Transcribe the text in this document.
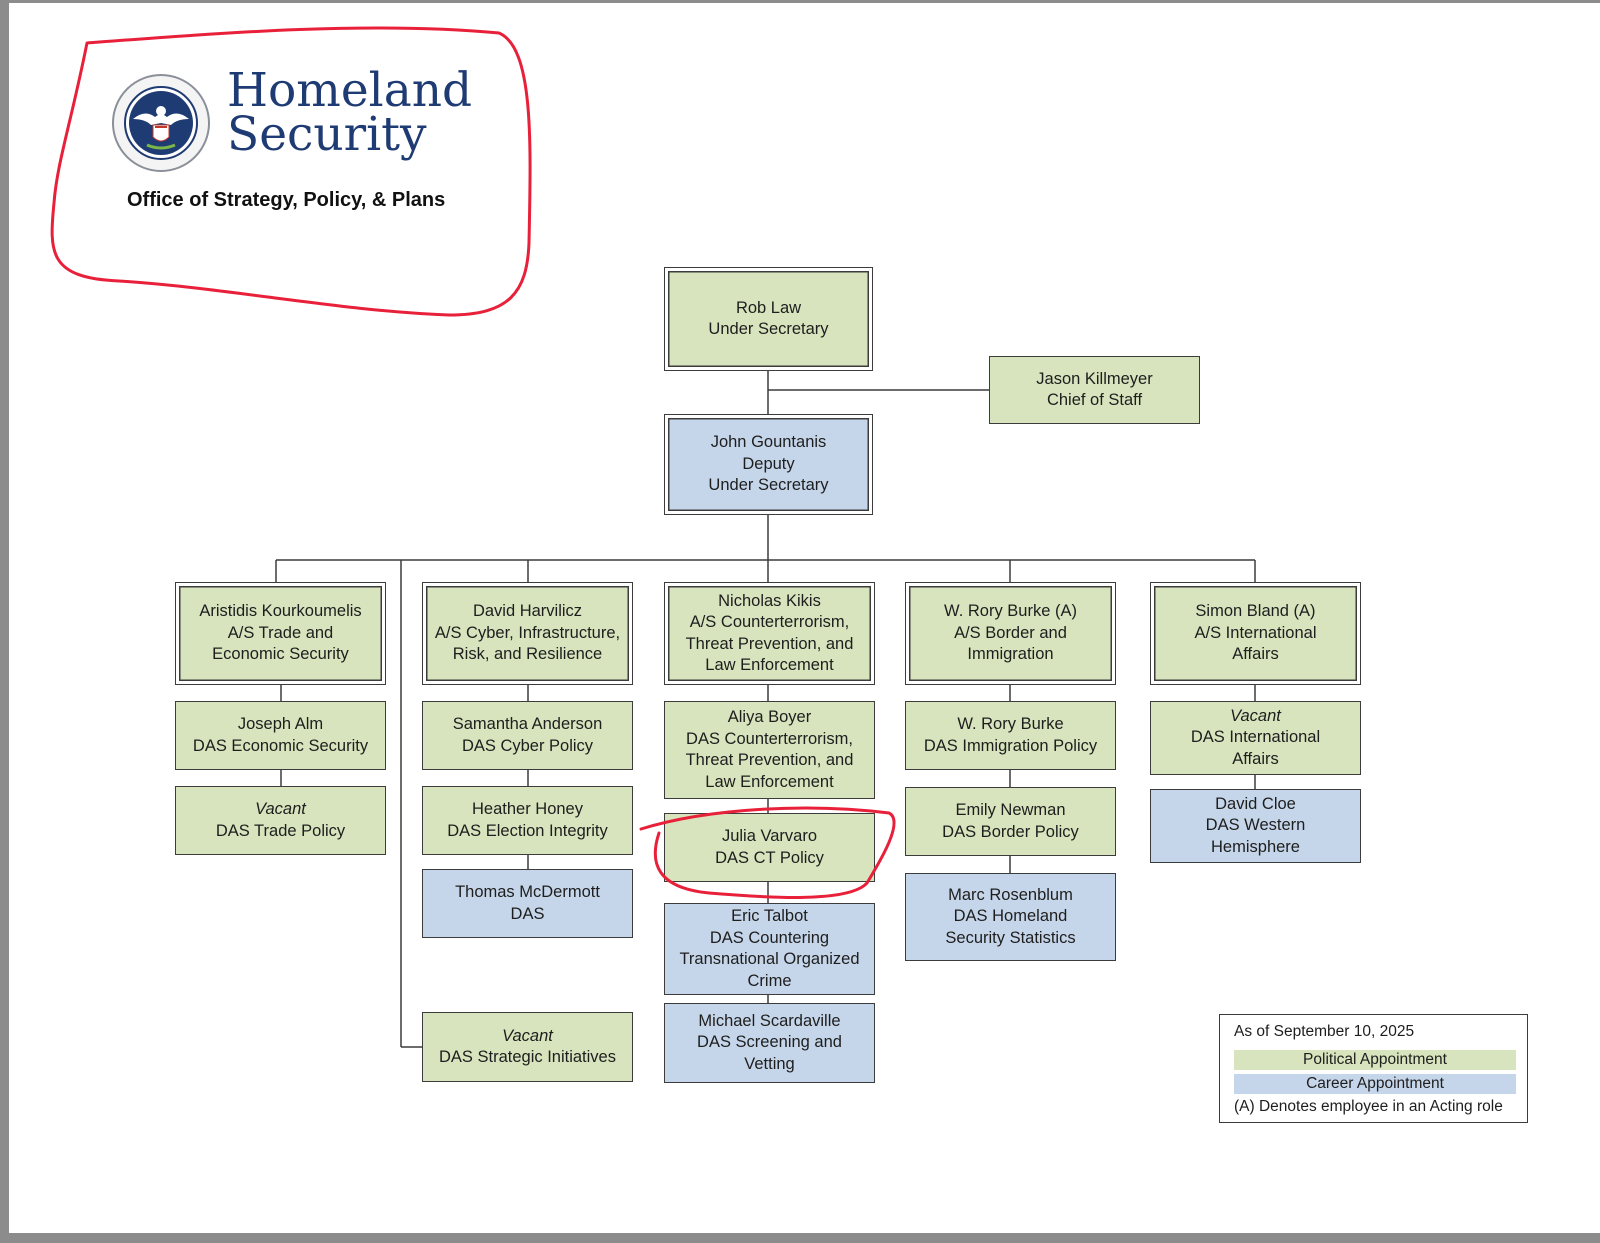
Homeland
Security
Office of Strategy, Policy, & Plans
Rob Law
Under Secretary
Jason Killmeyer
Chief of Staff
John Gountanis
Deputy
Under Secretary
Aristidis Kourkoumelis
A/S Trade and
Economic Security
Joseph Alm
DAS Economic Security
Vacant
DAS Trade Policy
David Harvilicz
A/S Cyber, Infrastructure,
Risk, and Resilience
Samantha Anderson
DAS Cyber Policy
Heather Honey
DAS Election Integrity
Thomas McDermott
DAS
Vacant
DAS Strategic Initiatives
Nicholas Kikis
A/S Counterterrorism,
Threat Prevention, and
Law Enforcement
Aliya Boyer
DAS Counterterrorism,
Threat Prevention, and
Law Enforcement
Julia Varvaro
DAS CT Policy
Eric Talbot
DAS Countering
Transnational Organized
Crime
Michael Scardaville
DAS Screening and
Vetting
W. Rory Burke (A)
A/S Border and
Immigration
W. Rory Burke
DAS Immigration Policy
Emily Newman
DAS Border Policy
Marc Rosenblum
DAS Homeland
Security Statistics
Simon Bland (A)
A/S International
Affairs
Vacant
DAS International
Affairs
David Cloe
DAS Western
Hemisphere
As of September 10, 2025
Political Appointment
Career Appointment
(A) Denotes employee in an Acting role
